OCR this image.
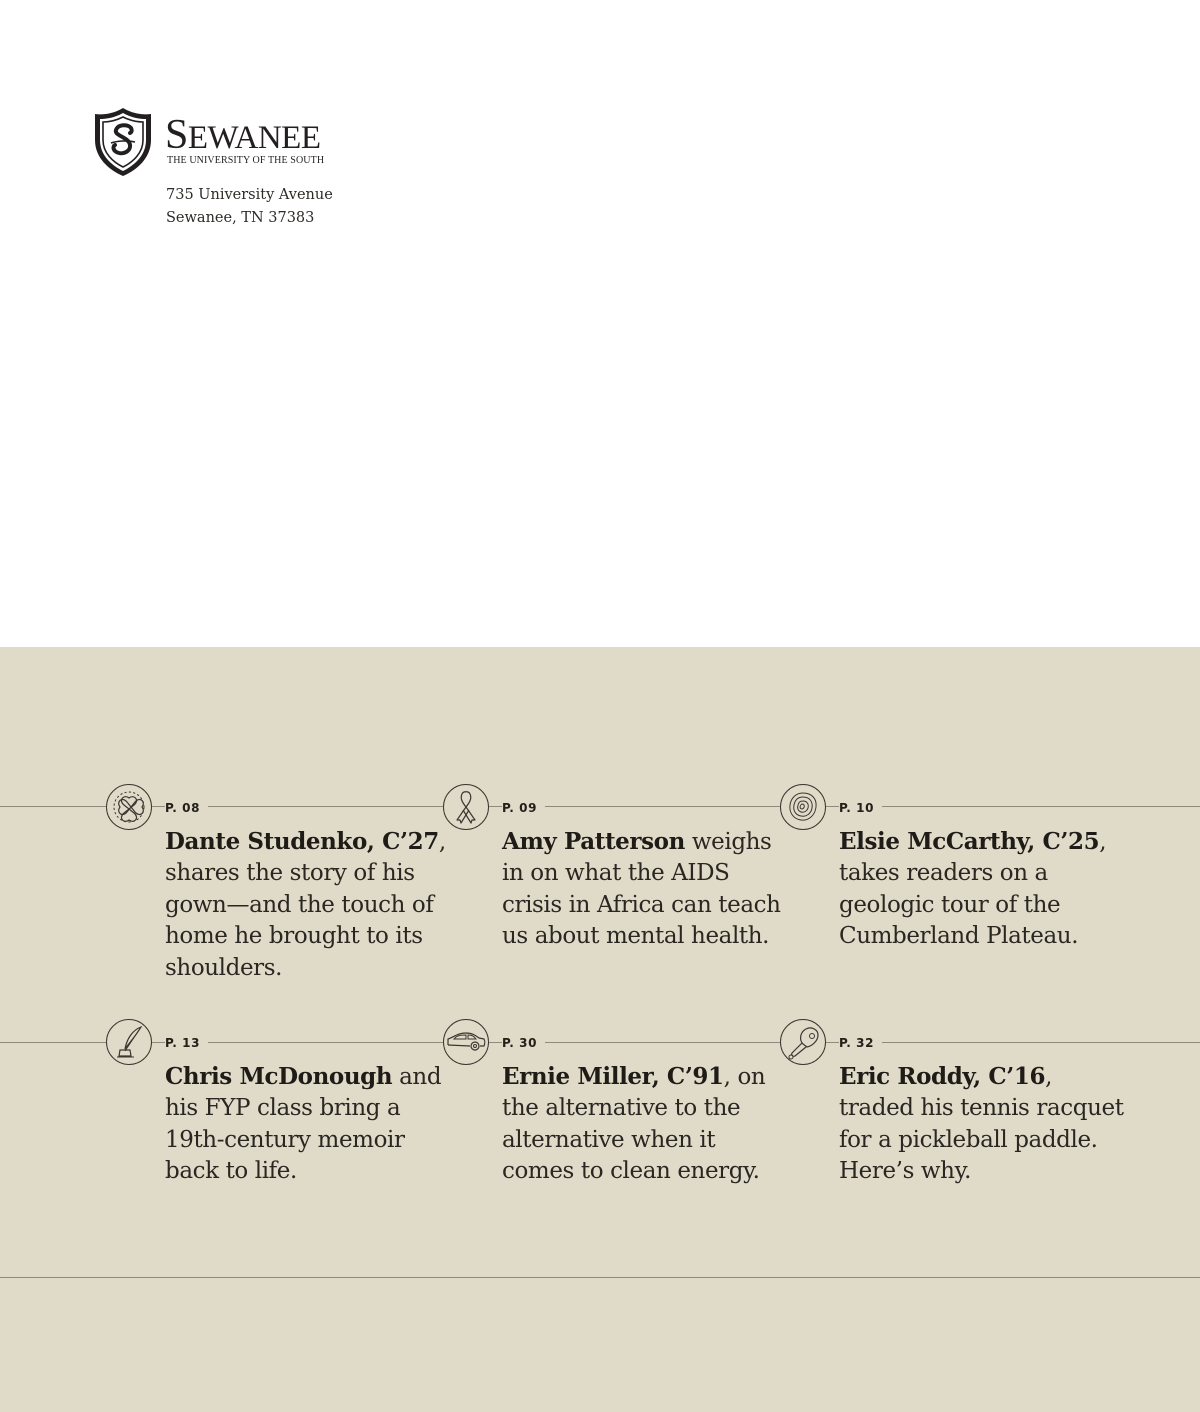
SEWANEE
THE UNIVERSITY OF THE SOUTH
735 University Avenue
Sewanee, TN 37383
P. 08

Dante Studenko, C’27, shares the story of his gown—and the touch of home he brought to its shoulders.

P. 09

Amy Patterson weighs in on what the AIDS crisis in Africa can teach us about mental health.

P. 10

Elsie McCarthy, C’25, takes readers on a geologic tour of the Cumberland Plateau.

P. 13

Chris McDonough and his FYP class bring a 19th-century memoir back to life.

P. 30

Ernie Miller, C’91, on the alternative to the alternative when it comes to clean energy.

P. 32

Eric Roddy, C’16, traded his tennis racquet for a pickleball paddle. Here’s why.
